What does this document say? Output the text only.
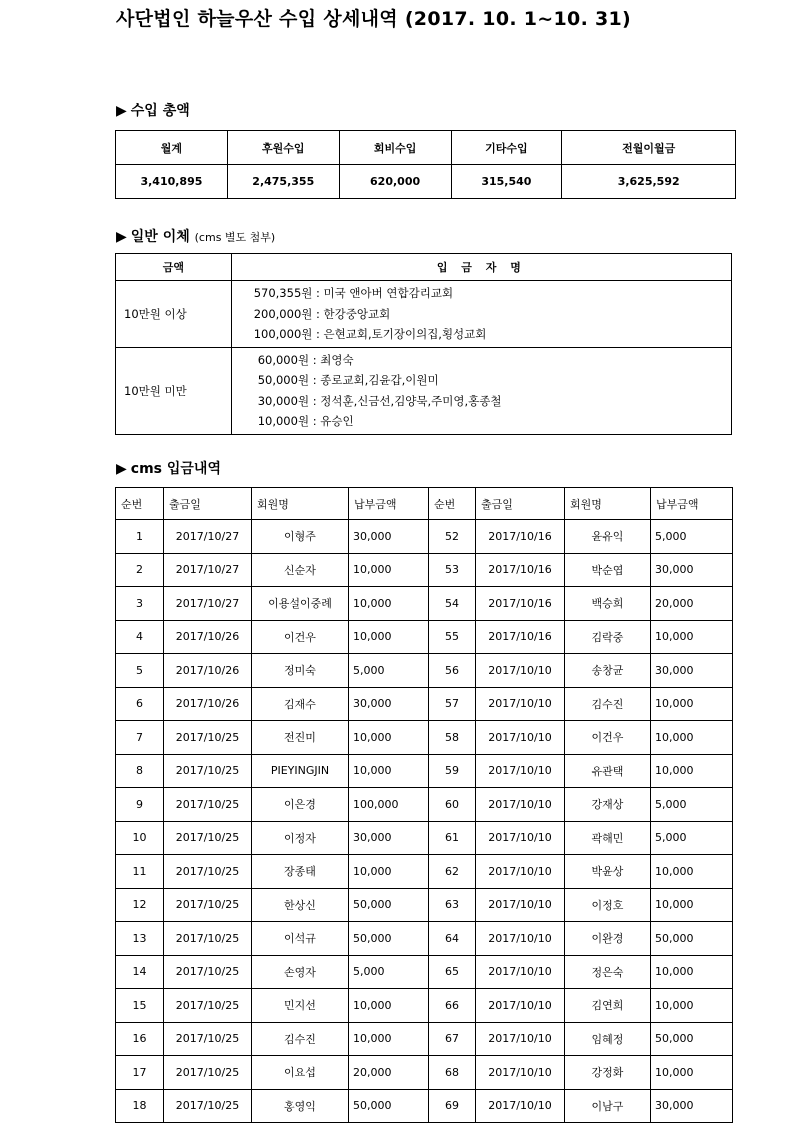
사단법인 하늘우산 수입 상세내역 (2017. 10. 1~10. 31)
▶ 수입 총액
월계	후원수입	회비수입	기타수입	전월이월금
3,410,895	2,475,355	620,000	315,540	3,625,592
▶ 일반 이체 (cms 별도 첨부)
금액	입 금 자 명
10만원 이상	570,355원 : 미국 앤아버 연합감리교회
200,000원 : 한강중앙교회
100,000원 : 은현교회,토기장이의집,횡성교회

10만원 미만	60,000원 : 최영숙
50,000원 : 종로교회,김윤갑,이원미
30,000원 : 정석훈,신금선,김양묵,주미영,홍종철
10,000원 : 유승인
▶ cms 입금내역
순번	출금일	회원명	납부금액	순번	출금일	회원명	납부금액
1	2017/10/27	이형주	30,000	52	2017/10/16	윤유익	5,000
2	2017/10/27	신순자	10,000	53	2017/10/16	박순엽	30,000
3	2017/10/27	이용설이중례	10,000	54	2017/10/16	백승희	20,000
4	2017/10/26	이건우	10,000	55	2017/10/16	김락중	10,000
5	2017/10/26	정미숙	5,000	56	2017/10/10	송창균	30,000
6	2017/10/26	김재수	30,000	57	2017/10/10	김수진	10,000
7	2017/10/25	전진미	10,000	58	2017/10/10	이건우	10,000
8	2017/10/25	PIEYINGJIN	10,000	59	2017/10/10	유관택	10,000
9	2017/10/25	이은경	100,000	60	2017/10/10	강재상	5,000
10	2017/10/25	이정자	30,000	61	2017/10/10	곽해민	5,000
11	2017/10/25	장종태	10,000	62	2017/10/10	박윤상	10,000
12	2017/10/25	한상신	50,000	63	2017/10/10	이정호	10,000
13	2017/10/25	이석규	50,000	64	2017/10/10	이완경	50,000
14	2017/10/25	손영자	5,000	65	2017/10/10	정은숙	10,000
15	2017/10/25	민지선	10,000	66	2017/10/10	김연희	10,000
16	2017/10/25	김수진	10,000	67	2017/10/10	임혜정	50,000
17	2017/10/25	이요섭	20,000	68	2017/10/10	강정화	10,000
18	2017/10/25	홍영익	50,000	69	2017/10/10	이남구	30,000
